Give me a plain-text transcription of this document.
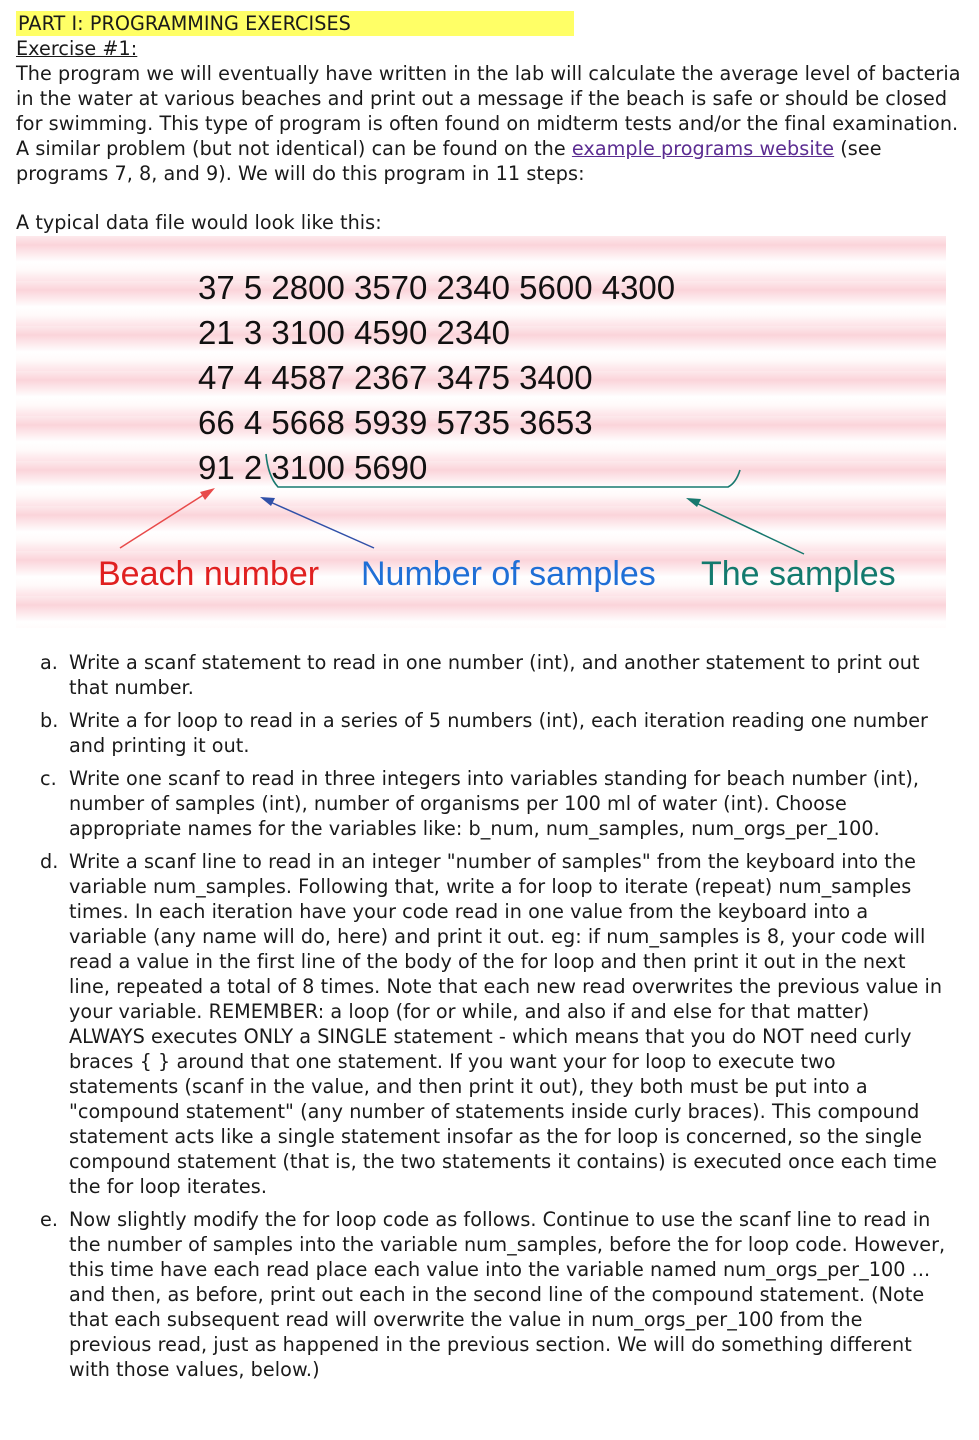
PART I: PROGRAMMING EXERCISES
Exercise #1:

The program we will eventually have written in the lab will calculate the average level of bacteria in the water at various beaches and print out a message if the beach is safe or should be closed for swimming. This type of program is often found on midterm tests and/or the final examination. A similar problem (but not identical) can be found on the example programs website (see programs 7, 8, and 9). We will do this program in 11 steps:

A typical data file would look like this:
37 5 2800 3570 2340 5600 4300
21 3 3100 4590 2340
47 4 4587 2367 3475 3400
66 4 5668 5939 5735 3653
91 2 3100 5690
Beach number Number of samples The samples
a. Write a scanf statement to read in one number (int), and another statement to print out that number.
b. Write a for loop to read in a series of 5 numbers (int), each iteration reading one number and printing it out.
c. Write one scanf to read in three integers into variables standing for beach number (int), number of samples (int), number of organisms per 100 ml of water (int). Choose appropriate names for the variables like: b_num, num_samples, num_orgs_per_100.
d. Write a scanf line to read in an integer "number of samples" from the keyboard into the variable num_samples. Following that, write a for loop to iterate (repeat) num_samples times. In each iteration have your code read in one value from the keyboard into a variable (any name will do, here) and print it out. eg: if num_samples is 8, your code will read a value in the first line of the body of the for loop and then print it out in the next line, repeated a total of 8 times. Note that each new read overwrites the previous value in your variable. REMEMBER: a loop (for or while, and also if and else for that matter) ALWAYS executes ONLY a SINGLE statement - which means that you do NOT need curly braces { } around that one statement. If you want your for loop to execute two statements (scanf in the value, and then print it out), they both must be put into a "compound statement" (any number of statements inside curly braces). This compound statement acts like a single statement insofar as the for loop is concerned, so the single compound statement (that is, the two statements it contains) is executed once each time the for loop iterates.
e. Now slightly modify the for loop code as follows. Continue to use the scanf line to read in the number of samples into the variable num_samples, before the for loop code. However, this time have each read place each value into the variable named num_orgs_per_100 ... and then, as before, print out each in the second line of the compound statement. (Note that each subsequent read will overwrite the value in num_orgs_per_100 from the previous read, just as happened in the previous section. We will do something different with those values, below.)
